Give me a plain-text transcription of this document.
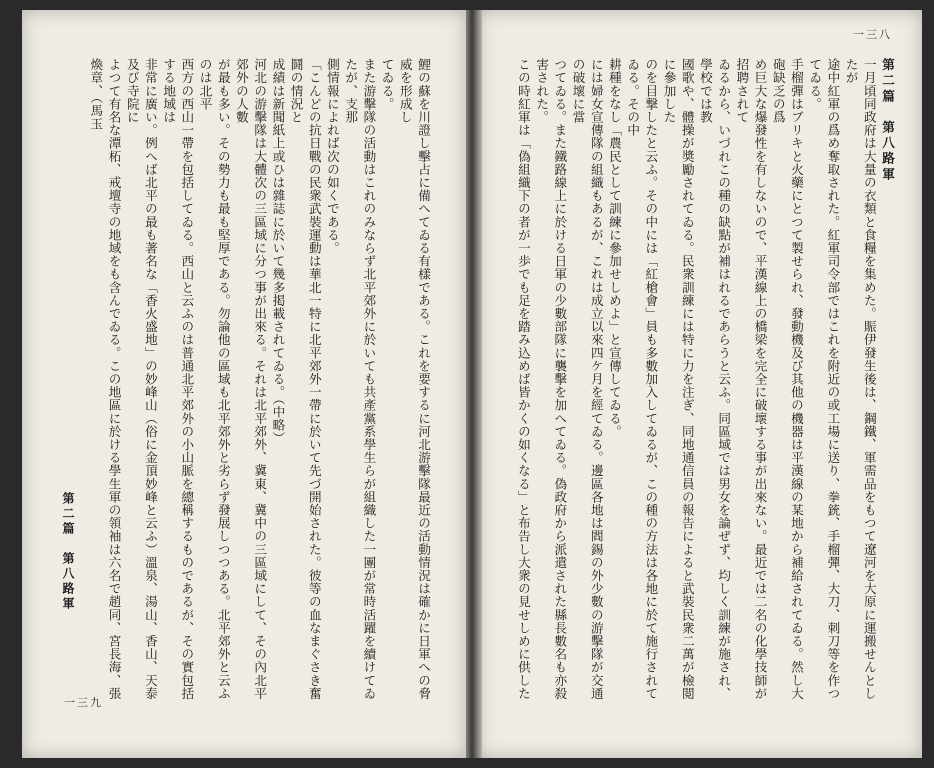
一三八

第二篇　第八路軍

一月頃同政府は大量の衣類と食糧を集めた。賑伊發生後は、鋼鐵、軍需品をもつて遼河を大原に運搬せんとしたが

途中紅軍の爲め奪取された。紅軍司令部ではこれを附近の或工場に送り、拳銃、手榴彈、大刀、刺刀等を作つてゐる。

手榴彈はブリキと火藥にとつて製せられ、發動機及び其他の機器は平漢線の某地から補給されてゐる。然し大砲缺乏の爲

め巨大な爆發性を有しないので、平漢線上の橋梁を完全に破壞する事が出來ない。最近では二名の化學技師が招聘されて

ゐるから、いづれこの種の缺點が補はれるであらうと云ふ。同區域では男女を論ぜず、均しく訓練が施され、學校では教

國歌や、體操が奬勵されてゐる。民衆訓練には特に力を注ぎ、同地通信員の報告によると武裝民衆二萬が檢閲に參加した

のを目撃したと云ふ。その中には「紅槍會」員も多數加入してゐるが、この種の方法は各地に於て施行されてゐる。その中

耕種をなし「農民として訓練に參加せしめよ」と宣傳してゐる。

には婦女宣傳隊の組織もあるが、これは成立以來四ケ月を經てゐる。邊區各地は閻錫の外少數の游擊隊が交通の破壞に當

つてゐる。また鐵路線上に於ける日軍の少數部隊に襲擊を加へてゐる。偽政府から派遣された縣長數名も亦殺害された。

この時紅軍は「偽組織下の者が一歩でも足を踏み込めば皆かくの如くなる」と布告し大衆の見せしめに供した

第二篇　第八路軍
一三九

鯉の蘇を川證し擊占に備へてゐる有樣である。これを要するに河北游擊隊最近の活動情況は確かに日軍への脅威を形成し

てゐる。

また游擊隊の活動はこれのみならず北平郊外に於いても共產黨系學生らが組織した一團が常時活躍を續けてゐたが、支那

側情報によれば次の如くである。

「こんどの抗日戰の民衆武裝運動は華北一特に北平郊外一帶に於いて先づ開始された。彼等の血なまぐさき奮鬪の情況と

成績は新聞紙上或ひは雜誌に於いて幾多掲載されてゐる。（中略）

河北の游擊隊は大體次の三區域に分つ事が出來る。それは北平郊外、冀東、冀中の三區域にして、その內北平郊外の人數

が最も多い。その勢力も最も堅厚である。勿論他の區域も北平郊外と劣らず發展しつつある。北平郊外と云ふのは北平

西方の西山一帶を包括してゐる。西山と云ふのは普通北平郊外の小山脈を總稱するものであるが、その實包括する地域は

非常に廣い。例へば北平の最も著名な「香火盛地」の妙峰山（俗に金頂妙峰と云ふ）溫泉、湯山、香山、天泰及び寺院に

よつて有名な潭柘、戒壇寺の地域をも含んでゐる。この地區に於ける學生軍の領袖は六名で趙同、宮長海、張煥章、（馬玉
